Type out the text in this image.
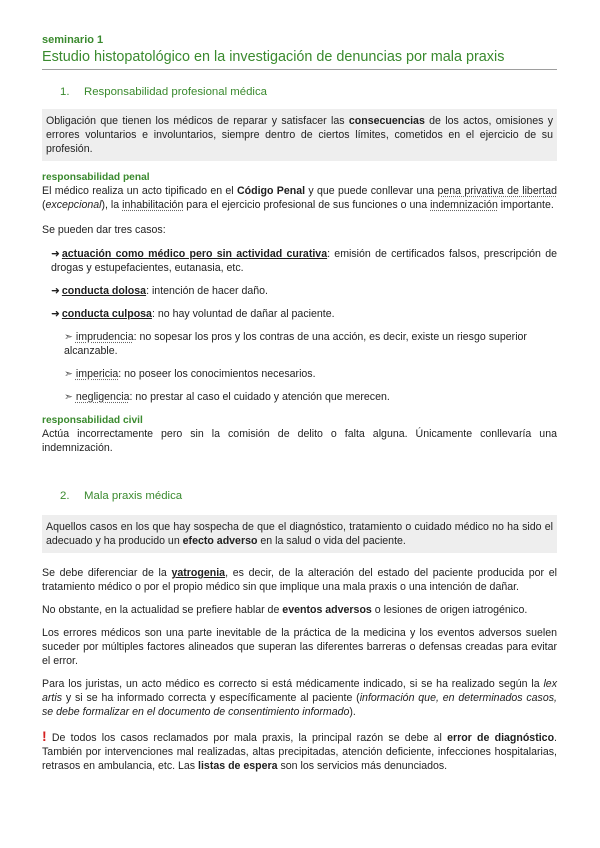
seminario 1
Estudio histopatológico en la investigación de denuncias por mala praxis
1.	Responsabilidad profesional médica
Obligación que tienen los médicos de reparar y satisfacer las consecuencias de los actos, omisiones y errores voluntarios e involuntarios, siempre dentro de ciertos límites, cometidos en el ejercicio de su profesión.
responsabilidad penal
El médico realiza un acto tipificado en el Código Penal y que puede conllevar una pena privativa de libertad (excepcional), la inhabilitación para el ejercicio profesional de sus funciones o una indemnización importante.
Se pueden dar tres casos:
➜ actuación como médico pero sin actividad curativa: emisión de certificados falsos, prescripción de drogas y estupefacientes, eutanasia, etc.
➜ conducta dolosa: intención de hacer daño.
➜ conducta culposa: no hay voluntad de dañar al paciente.
➣ imprudencia: no sopesar los pros y los contras de una acción, es decir, existe un riesgo superior alcanzable.
➣ impericia: no poseer los conocimientos necesarios.
➣ negligencia: no prestar al caso el cuidado y atención que merecen.
responsabilidad civil
Actúa incorrectamente pero sin la comisión de delito o falta alguna. Únicamente conllevaría una indemnización.
2.	Mala praxis médica
Aquellos casos en los que hay sospecha de que el diagnóstico, tratamiento o cuidado médico no ha sido el adecuado y ha producido un efecto adverso en la salud o vida del paciente.
Se debe diferenciar de la yatrogenia, es decir, de la alteración del estado del paciente producida por el tratamiento médico o por el propio médico sin que implique una mala praxis o una intención de dañar.
No obstante, en la actualidad se prefiere hablar de eventos adversos o lesiones de origen iatrogénico.
Los errores médicos son una parte inevitable de la práctica de la medicina y los eventos adversos suelen suceder por múltiples factores alineados que superan las diferentes barreras o defensas creadas para evitar el error.
Para los juristas, un acto médico es correcto si está médicamente indicado, si se ha realizado según la lex artis y si se ha informado correcta y específicamente al paciente (información que, en determinados casos, se debe formalizar en el documento de consentimiento informado).
! De todos los casos reclamados por mala praxis, la principal razón se debe al error de diagnóstico. También por intervenciones mal realizadas, altas precipitadas, atención deficiente, infecciones hospitalarias, retrasos en ambulancia, etc. Las listas de espera son los servicios más denunciados.
